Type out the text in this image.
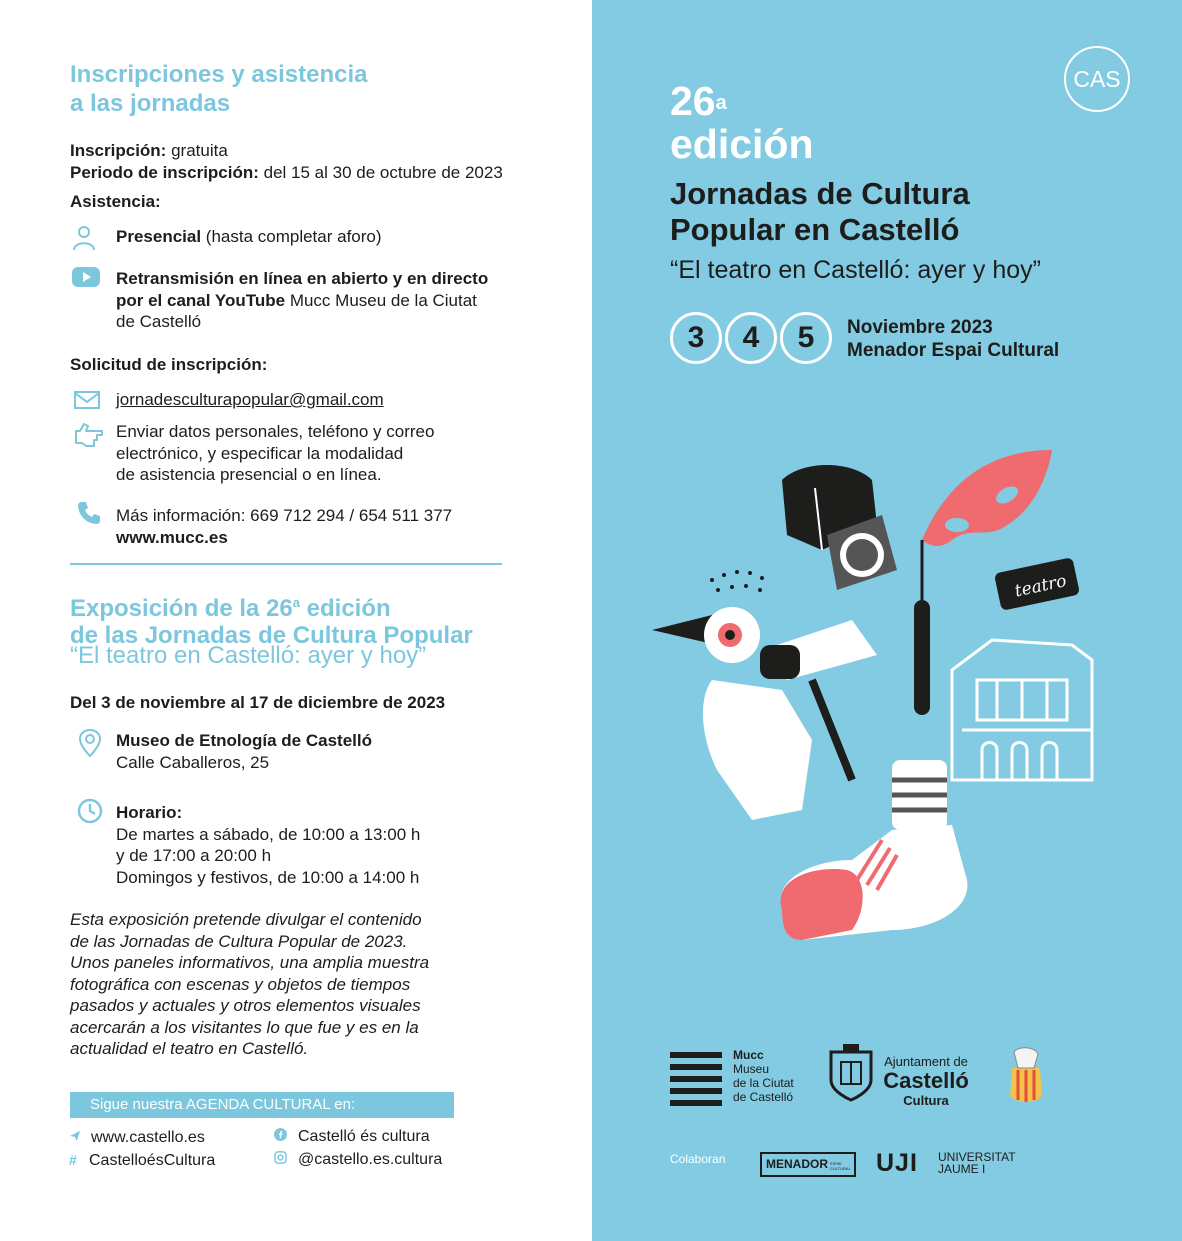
Inscripciones y asistencia
a las jornadas
Inscripción: gratuita
Periodo de inscripción: del 15 al 30 de octubre de 2023
Asistencia:
Presencial (hasta completar aforo)
Retransmisión en línea en abierto y en directo
por el canal YouTube Mucc Museu de la Ciutat
de Castelló
Solicitud de inscripción:
jornadesculturapopular@gmail.com
Enviar datos personales, teléfono y correo
electrónico, y especificar la modalidad
de asistencia presencial o en línea.
Más información: 669 712 294 / 654 511 377
www.mucc.es
Exposición de la 26$^a$ edición
de las Jornadas de Cultura Popular
“El teatro en Castelló: ayer y hoy”
Del 3 de noviembre al 17 de diciembre de 2023
Museo de Etnología de Castelló
Calle Caballeros, 25
Horario:
De martes a sábado, de 10:00 a 13:00 h
y de 17:00 a 20:00 h
Domingos y festivos, de 10:00 a 14:00 h
Esta exposición pretende divulgar el contenido
de las Jornadas de Cultura Popular de 2023.
Unos paneles informativos, una amplia muestra
fotográfica con escenas y objetos de tiempos
pasados y actuales y otros elementos visuales
acercarán a los visitantes lo que fue y es en la
actualidad el teatro en Castelló.
Sigue nuestra AGENDA CULTURAL en:
www.castello.es
# CastelloésCultura
Castelló és cultura
@castello.es.cultura
CAS
26$^a$
edición
Jornadas de Cultura
Popular en Castelló
“El teatro en Castelló: ayer y hoy”
3	4	5	Noviembre 2023
Menador Espai Cultural
teatro
Mucc
Museu
de la Ciutat
de Castelló
Ajuntament de
Castelló
Cultura
Colaboran	MENADOR ESPAI CULTURAL UJI UNIVERSITAT
JAUME I
